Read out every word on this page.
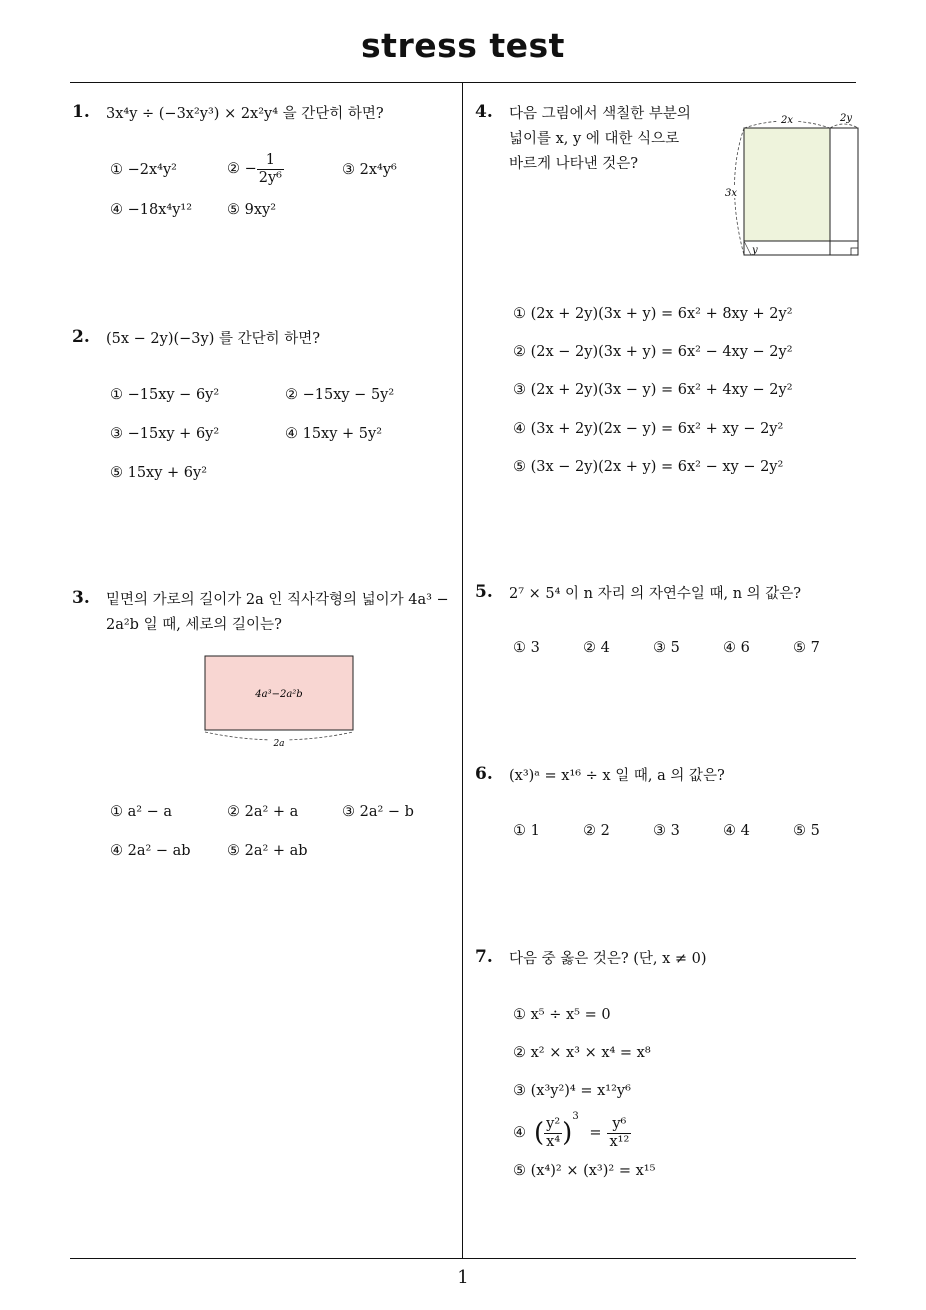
stress test
1
1. 3x⁴y ÷ (−3x²y³) × 2x²y⁴ 을 간단히 하면?
① −2x⁴y²	② − $\frac{1}{\text{2y⁶}}$	③ 2x⁴y⁶
④ −18x⁴y¹² ⑤ 9xy²
2. (5x − 2y)(−3y) 를 간단히 하면?
① −15xy − 6y²	② −15xy − 5y²
③ −15xy + 6y²	④ 15xy + 5y²
⑤ 15xy + 6y²
3. 밑면의 가로의 길이가 2a 인 직사각형의 넓이가 4a³ −
2a²b 일 때, 세로의 길이는?
4a³−2a²b
2a
① a² − a	② 2a² + a	③ 2a² − b
④ 2a² − ab	⑤ 2a² + ab
4. 다음 그림에서 색칠한 부분의
넓이를 x, y 에 대한 식으로
바르게 나타낸 것은?
2x	2y
3x
y
① (2x + 2y)(3x + y) = 6x² + 8xy + 2y²
② (2x − 2y)(3x + y) = 6x² − 4xy − 2y²
③ (2x + 2y)(3x − y) = 6x² + 4xy − 2y²
④ (3x + 2y)(2x − y) = 6x² + xy − 2y²
⑤ (3x − 2y)(2x + y) = 6x² − xy − 2y²
5. 2⁷ × 5⁴ 이 n 자리 의 자연수일 때, n 의 값은?
① 3	② 4	③ 5	④ 6	⑤ 7
6. (x³)ᵃ = x¹⁶ ÷ x 일 때, a 의 값은?
① 1	② 2	③ 3	④ 4	⑤ 5
7. 다음 중 옳은 것은? (단, x ≠ 0)
① x⁵ ÷ x⁵ = 0
② x² × x³ × x⁴ = x⁸
③ (x³y²)⁴ = x¹²y⁶
④ ( $\frac{\text{y²}}{\text{x⁴}} )^3 = \frac{\text{y⁶}}{\text{x¹²}}$
⑤ (x⁴)² × (x³)² = x¹⁵
